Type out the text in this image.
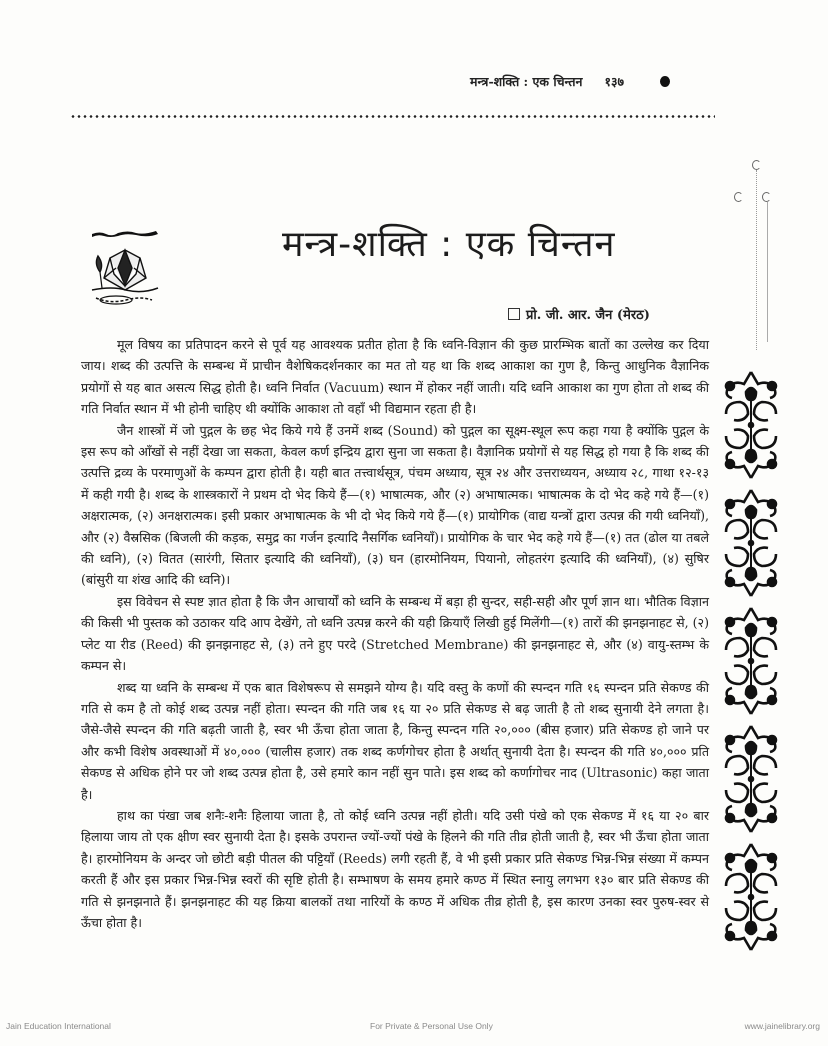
मन्त्र-शक्ति : एक चिन्तन १३७
मन्त्र-शक्ति : एक चिन्तन
प्रो. जी. आर. जैन (मेरठ)

मूल विषय का प्रतिपादन करने से पूर्व यह आवश्यक प्रतीत होता है कि ध्वनि-विज्ञान की कुछ प्रारम्भिक बातों का उल्लेख कर दिया जाय। शब्द की उत्पत्ति के सम्बन्ध में प्राचीन वैशेषिकदर्शनकार का मत तो यह था कि शब्द आकाश का गुण है, किन्तु आधुनिक वैज्ञानिक प्रयोगों से यह बात असत्य सिद्ध होती है। ध्वनि निर्वात (Vacuum) स्थान में होकर नहीं जाती। यदि ध्वनि आकाश का गुण होता तो शब्द की गति निर्वात स्थान में भी होनी चाहिए थी क्योंकि आकाश तो वहाँ भी विद्यमान रहता ही है।

जैन शास्त्रों में जो पुद्गल के छह भेद किये गये हैं उनमें शब्द (Sound) को पुद्गल का सूक्ष्म-स्थूल रूप कहा गया है क्योंकि पुद्गल के इस रूप को आँखों से नहीं देखा जा सकता, केवल कर्ण इन्द्रिय द्वारा सुना जा सकता है। वैज्ञानिक प्रयोगों से यह सिद्ध हो गया है कि शब्द की उत्पत्ति द्रव्य के परमाणुओं के कम्पन द्वारा होती है। यही बात तत्त्वार्थसूत्र, पंचम अध्याय, सूत्र २४ और उत्तराध्ययन, अध्याय २८, गाथा १२-१३ में कही गयी है। शब्द के शास्त्रकारों ने प्रथम दो भेद किये हैं—(१) भाषात्मक, और (२) अभाषात्मक। भाषात्मक के दो भेद कहे गये हैं—(१) अक्षरात्मक, (२) अनक्षरात्मक। इसी प्रकार अभाषात्मक के भी दो भेद किये गये हैं—(१) प्रायोगिक (वाद्य यन्त्रों द्वारा उत्पन्न की गयी ध्वनियाँ), और (२) वैस्रसिक (बिजली की कड़क, समुद्र का गर्जन इत्यादि नैसर्गिक ध्वनियाँ)। प्रायोगिक के चार भेद कहे गये हैं—(१) तत (ढोल या तबले की ध्वनि), (२) वितत (सारंगी, सितार इत्यादि की ध्वनियाँ), (३) घन (हारमोनियम, पियानो, लोहतरंग इत्यादि की ध्वनियाँ), (४) सुषिर (बांसुरी या शंख आदि की ध्वनि)।

इस विवेचन से स्पष्ट ज्ञात होता है कि जैन आचार्यों को ध्वनि के सम्बन्ध में बड़ा ही सुन्दर, सही-सही और पूर्ण ज्ञान था। भौतिक विज्ञान की किसी भी पुस्तक को उठाकर यदि आप देखेंगे, तो ध्वनि उत्पन्न करने की यही क्रियाएँ लिखी हुई मिलेंगी—(१) तारों की झनझनाहट से, (२) प्लेट या रीड (Reed) की झनझनाहट से, (३) तने हुए परदे (Stretched Membrane) की झनझनाहट से, और (४) वायु-स्तम्भ के कम्पन से।

शब्द या ध्वनि के सम्बन्ध में एक बात विशेषरूप से समझने योग्य है। यदि वस्तु के कणों की स्पन्दन गति १६ स्पन्दन प्रति सेकण्ड की गति से कम है तो कोई शब्द उत्पन्न नहीं होता। स्पन्दन की गति जब १६ या २० प्रति सेकण्ड से बढ़ जाती है तो शब्द सुनायी देने लगता है। जैसे-जैसे स्पन्दन की गति बढ़ती जाती है, स्वर भी ऊँचा होता जाता है, किन्तु स्पन्दन गति २०,००० (बीस हजार) प्रति सेकण्ड हो जाने पर और कभी विशेष अवस्थाओं में ४०,००० (चालीस हजार) तक शब्द कर्णगोचर होता है अर्थात् सुनायी देता है। स्पन्दन की गति ४०,००० प्रति सेकण्ड से अधिक होने पर जो शब्द उत्पन्न होता है, उसे हमारे कान नहीं सुन पाते। इस शब्द को कर्णागोचर नाद (Ultrasonic) कहा जाता है।

हाथ का पंखा जब शनैः-शनैः हिलाया जाता है, तो कोई ध्वनि उत्पन्न नहीं होती। यदि उसी पंखे को एक सेकण्ड में १६ या २० बार हिलाया जाय तो एक क्षीण स्वर सुनायी देता है। इसके उपरान्त ज्यों-ज्यों पंखे के हिलने की गति तीव्र होती जाती है, स्वर भी ऊँचा होता जाता है। हारमोनियम के अन्दर जो छोटी बड़ी पीतल की पट्टियाँ (Reeds) लगी रहती हैं, वे भी इसी प्रकार प्रति सेकण्ड भिन्न-भिन्न संख्या में कम्पन करती हैं और इस प्रकार भिन्न-भिन्न स्वरों की सृष्टि होती है। सम्भाषण के समय हमारे कण्ठ में स्थित स्नायु लगभग १३० बार प्रति सेकण्ड की गति से झनझनाते हैं। झनझनाहट की यह क्रिया बालकों तथा नारियों के कण्ठ में अधिक तीव्र होती है, इस कारण उनका स्वर पुरुष-स्वर से ऊँचा होता है।

Jain Education International	For Private & Personal Use Only	www.jainelibrary.org
